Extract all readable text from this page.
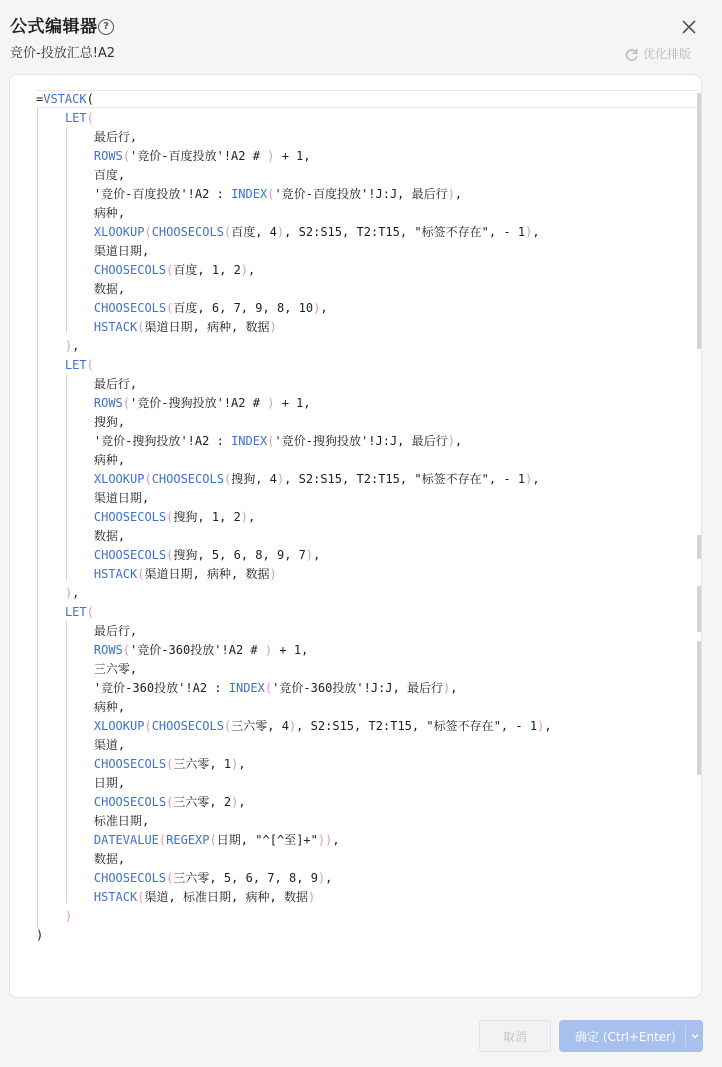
公式编辑器 ?
竞价-投放汇总!A2	优化排版
=VSTACK(
LET(
最后行,
ROWS('竞价-百度投放'!A2 # ) + 1,
百度,
'竞价-百度投放'!A2 : INDEX('竞价-百度投放'!J:J, 最后行),
病种,
XLOOKUP(CHOOSECOLS(百度, 4), S2:S15, T2:T15, "标签不存在", - 1),
渠道日期,
CHOOSECOLS(百度, 1, 2),
数据,
CHOOSECOLS(百度, 6, 7, 9, 8, 10),
HSTACK(渠道日期, 病种, 数据)
),
LET(
最后行,
ROWS('竞价-搜狗投放'!A2 # ) + 1,
搜狗,
'竞价-搜狗投放'!A2 : INDEX('竞价-搜狗投放'!J:J, 最后行),
病种,
XLOOKUP(CHOOSECOLS(搜狗, 4), S2:S15, T2:T15, "标签不存在", - 1),
渠道日期,
CHOOSECOLS(搜狗, 1, 2),
数据,
CHOOSECOLS(搜狗, 5, 6, 8, 9, 7),
HSTACK(渠道日期, 病种, 数据)
),
LET(
最后行,
ROWS('竞价-360投放'!A2 # ) + 1,
三六零,
'竞价-360投放'!A2 : INDEX('竞价-360投放'!J:J, 最后行),
病种,
XLOOKUP(CHOOSECOLS(三六零, 4), S2:S15, T2:T15, "标签不存在", - 1),
渠道,
CHOOSECOLS(三六零, 1),
日期,
CHOOSECOLS(三六零, 2),
标准日期,
DATEVALUE(REGEXP(日期, "^[^至]+")),
数据,
CHOOSECOLS(三六零, 5, 6, 7, 8, 9),
HSTACK(渠道, 标准日期, 病种, 数据)
)
)
取消	确定 (Ctrl+Enter)
